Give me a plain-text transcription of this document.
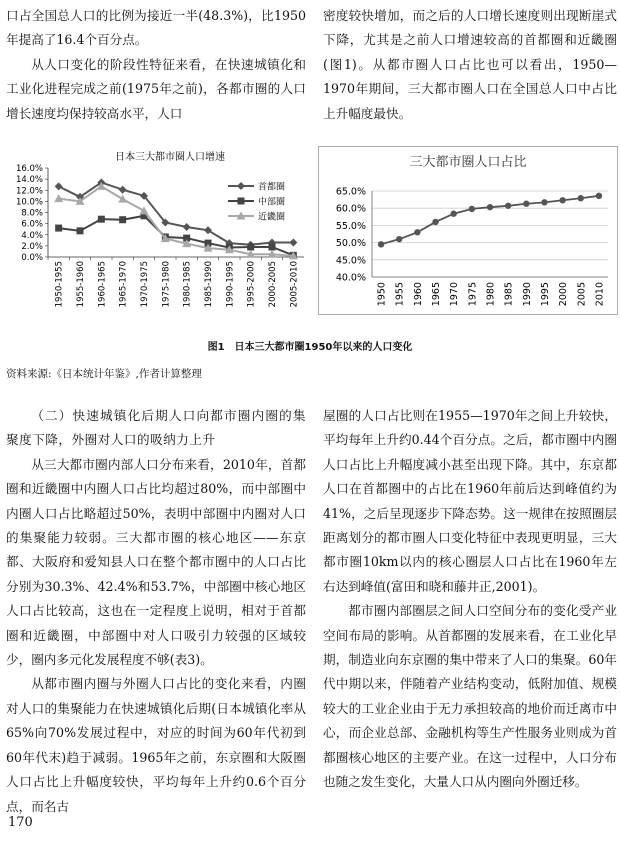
口占全国总人口的比例为接近一半(48.3%)，比1950年提高了16.4个百分点。

从人口变化的阶段性特征来看，在快速城镇化和工业化进程完成之前(1975年之前)，各都市圈的人口增长速度均保持较高水平，人口

密度较快增加，而之后的人口增长速度则出现断崖式下降，尤其是之前人口增速较高的首都圈和近畿圈(图1)。从都市圈人口占比也可以看出，1950—1970年期间，三大都市圈人口在全国总人口中占比上升幅度最快。

日本三大都市圈人口增速
0.0%
2.0%
4.0%
6.0%
8.0%
10.0%
12.0%
14.0%
16.0%
1950-1955 1955-1960 1960-1965 1965-1970 1970-1975 1975-1980 1980-1985 1985-1990 1990-1995 1995-2000 2000-2005 2005-2010
首都圈
中部圈
近畿圈
三大都市圈人口占比
40.0%
45.0%
50.0%
55.0%
60.0%
65.0%
1950 1955 1960 1965 1970 1975 1980 1985 1990 1995 2000 2005 2010
图1　日本三大都市圈1950年以来的人口变化
资料来源:《日本统计年鉴》,作者计算整理

（二）快速城镇化后期人口向都市圈内圈的集聚度下降，外圈对人口的吸纳力上升

从三大都市圈内部人口分布来看，2010年，首都圈和近畿圈中内圈人口占比均超过80%，而中部圈中内圈人口占比略超过50%，表明中部圈中内圈对人口的集聚能力较弱。三大都市圈的核心地区——东京都、大阪府和爱知县人口在整个都市圈中的人口占比分别为30.3%、42.4%和53.7%，中部圈中核心地区人口占比较高，这也在一定程度上说明，相对于首都圈和近畿圈，中部圈中对人口吸引力较强的区域较少，圈内多元化发展程度不够(表3)。

从都市圈内圈与外圈人口占比的变化来看，内圈对人口的集聚能力在快速城镇化后期(日本城镇化率从65%向70%发展过程中，对应的时间为60年代初到60年代末)趋于减弱。1965年之前，东京圈和大阪圈人口占比上升幅度较快，平均每年上升约0.6个百分点，而名古

屋圈的人口占比则在1955—1970年之间上升较快，平均每年上升约0.44个百分点。之后，都市圈中内圈人口占比上升幅度减小甚至出现下降。其中，东京都人口在首都圈中的占比在1960年前后达到峰值约为41%，之后呈现逐步下降态势。这一规律在按照圈层距离划分的都市圈人口变化特征中表现更明显，三大都市圈10km以内的核心圈层人口占比在1960年左右达到峰值(富田和晓和藤井正,2001)。

都市圈内部圈层之间人口空间分布的变化受产业空间布局的影响。从首都圈的发展来看，在工业化早期，制造业向东京圈的集中带来了人口的集聚。60年代中期以来，伴随着产业结构变动，低附加值、规模较大的工业企业由于无力承担较高的地价而迁离市中心，而企业总部、金融机构等生产性服务业则成为首都圈核心地区的主要产业。在这一过程中，人口分布也随之发生变化，大量人口从内圈向外圈迁移。

170
